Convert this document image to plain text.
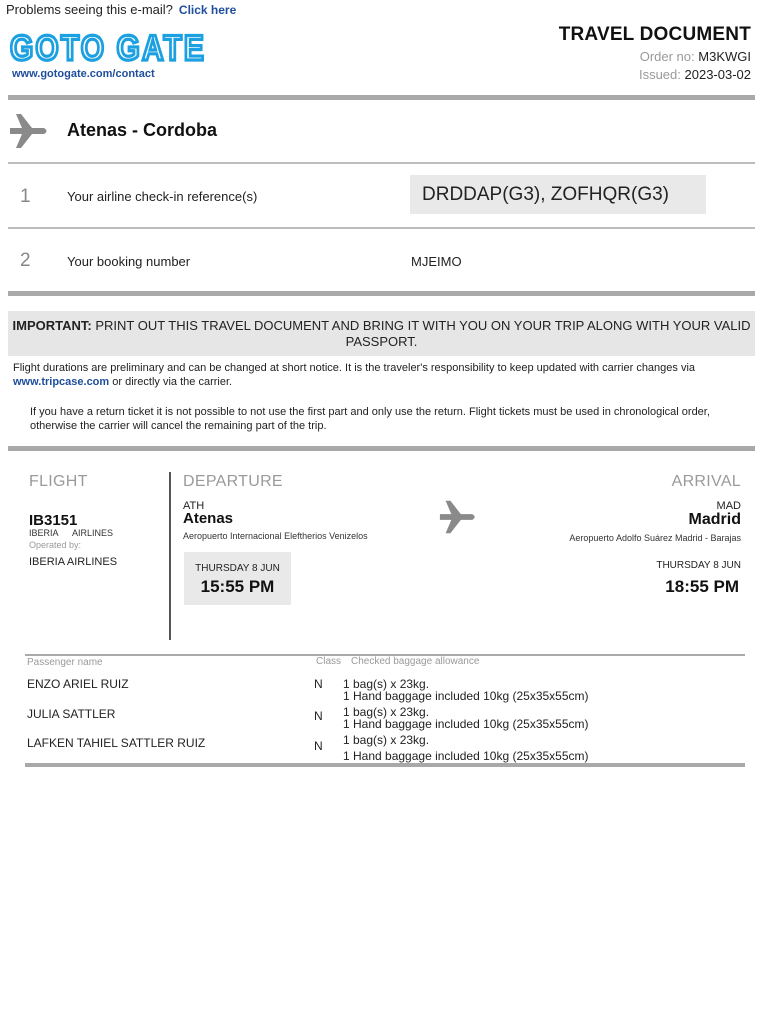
Problems seeing this e-mail? Click here
GOTO GATE
www.gotogate.com/contact
TRAVEL DOCUMENT
Order no: M3KWGI
Issued: 2023-03-02
Atenas - Cordoba
1	Your airline check-in reference(s)	DRDDAP(G3), ZOFHQR(G3)
2	Your booking number	MJEIMO
IMPORTANT: PRINT OUT THIS TRAVEL DOCUMENT AND BRING IT WITH YOU ON YOUR TRIP ALONG WITH YOUR VALID PASSPORT.
Flight durations are preliminary and can be changed at short notice. It is the traveler's responsibility to keep updated with carrier changes via www.tripcase.com or directly via the carrier.
If you have a return ticket it is not possible to not use the first part and only use the return. Flight tickets must be used in chronological order, otherwise the carrier will cancel the remaining part of the trip.
FLIGHT	DEPARTURE	ARRIVAL
IB3151
IBERIA AIRLINES
Operated by:
IBERIA AIRLINES
ATH
Atenas
Aeropuerto Internacional Eleftherios Venizelos
THURSDAY 8 JUN
15:55 PM
MAD
Madrid
Aeropuerto Adolfo Suárez Madrid - Barajas
THURSDAY 8 JUN
18:55 PM
Passenger name	Class Checked baggage allowance
ENZO ARIEL RUIZ	N 1 bag(s) x 23kg.
1 Hand baggage included 10kg (25x35x55cm)
JULIA SATTLER	N 1 bag(s) x 23kg.
1 Hand baggage included 10kg (25x35x55cm)
LAFKEN TAHIEL SATTLER RUIZ	N 1 bag(s) x 23kg.
1 Hand baggage included 10kg (25x35x55cm)
